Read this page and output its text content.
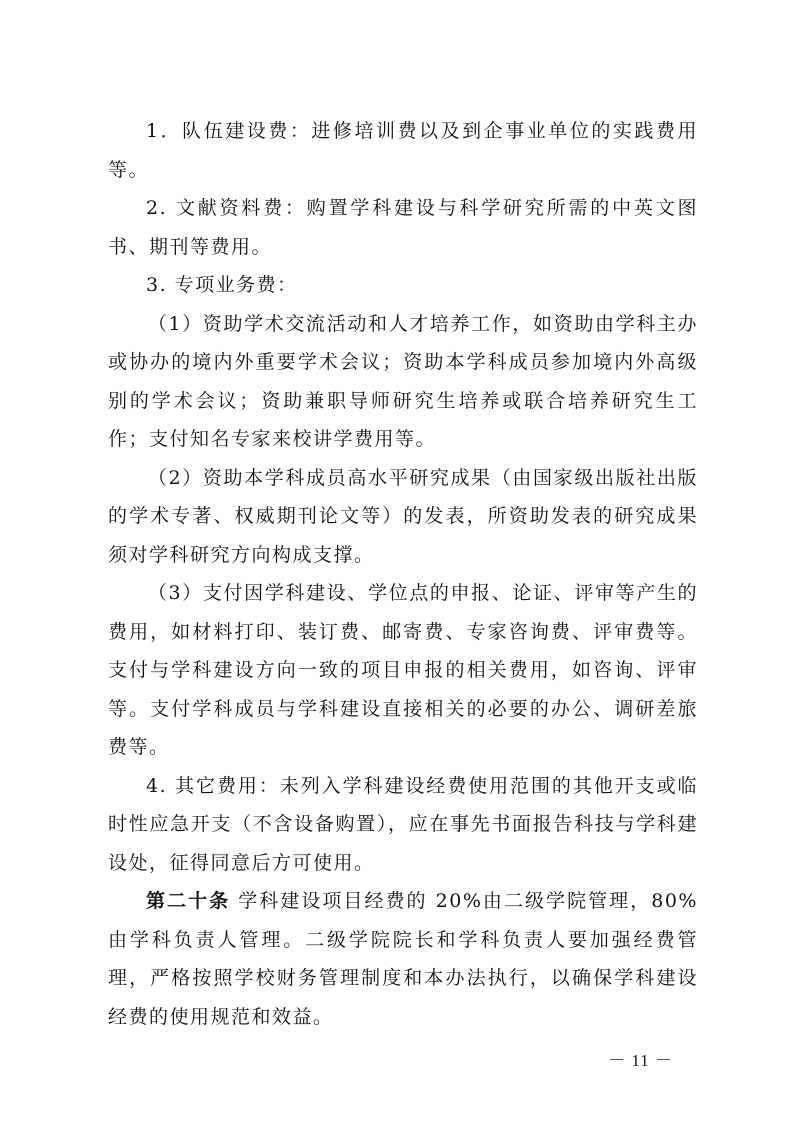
1．队伍建设费：进修培训费以及到企事业单位的实践费用等。

2. 文献资料费：购置学科建设与科学研究所需的中英文图书、期刊等费用。

3. 专项业务费：

（1）资助学术交流活动和人才培养工作，如资助由学科主办或协办的境内外重要学术会议；资助本学科成员参加境内外高级别的学术会议；资助兼职导师研究生培养或联合培养研究生工作；支付知名专家来校讲学费用等。

（2）资助本学科成员高水平研究成果（由国家级出版社出版的学术专著、权威期刊论文等）的发表，所资助发表的研究成果须对学科研究方向构成支撑。

（3）支付因学科建设、学位点的申报、论证、评审等产生的费用，如材料打印、装订费、邮寄费、专家咨询费、评审费等。支付与学科建设方向一致的项目申报的相关费用，如咨询、评审等。支付学科成员与学科建设直接相关的必要的办公、调研差旅费等。

4. 其它费用：未列入学科建设经费使用范围的其他开支或临时性应急开支（不含设备购置），应在事先书面报告科技与学科建设处，征得同意后方可使用。

第二十条 学科建设项目经费的 20%由二级学院管理，80%由学科负责人管理。二级学院院长和学科负责人要加强经费管理，严格按照学校财务管理制度和本办法执行，以确保学科建设经费的使用规范和效益。

－ 11 －
